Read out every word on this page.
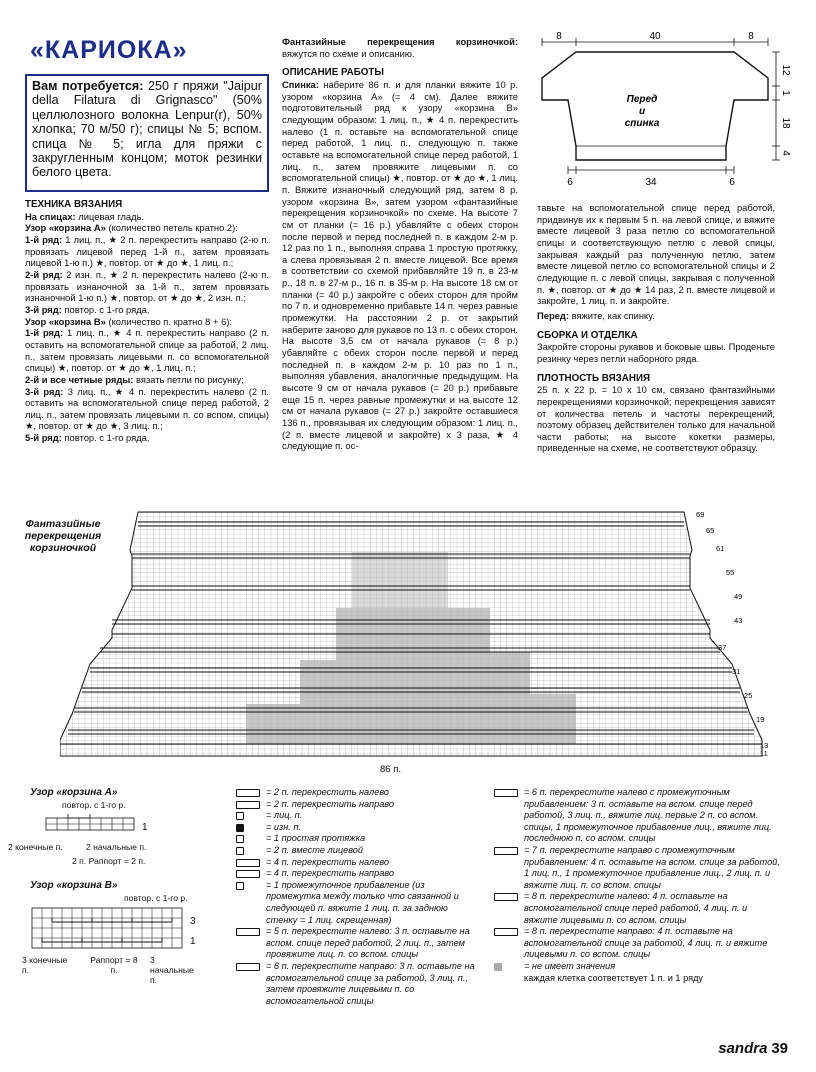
«КАРИОКА»
Вам потребуется: 250 г пряжи "Jaipur della Filatura di Grignasco" (50% целлюлозного волокна Lenpur(r), 50% хлопка; 70 м/50 г); спицы № 5; вспом. спица № 5; игла для пряжи с закругленным концом; моток резинки белого цвета.

ТЕХНИКА ВЯЗАНИЯ

На спицах: лицевая гладь.

Узор «корзина А» (количество петель кратно 2):

1-й ряд: 1 лиц. п., ★ 2 п. перекрестить направо (2-ю п. провязать лицевой перед 1-й п., затем провязать лицевой 1-ю п.) ★, повтор. от ★ до ★, 1 лиц. п.;

2-й ряд: 2 изн. п., ★ 2 п. перекрестить налево (2-ю п. провязать изнаночной за 1-й п., затем провязать изнаночной 1-ю п.) ★, повтор. от ★ до ★, 2 изн. п.;

3-й ряд: повтор. с 1-го ряда.

Узор «корзина В» (количество п. кратно 8 + 6):

1-й ряд: 1 лиц. п., ★ 4 п. перекрестить направо (2 п. оставить на вспомогательной спице за работой, 2 лиц. п., затем провязать лицевыми п. со вспомогательной спицы) ★, повтор. от ★ до ★, 1 лиц. п.;

2-й и все четные ряды: вязать петли по рисунку;

3-й ряд: 3 лиц. п., ★ 4 п. перекрестить налево (2 п. оставить на вспомогательной спице перед работой, 2 лиц. п., затем провязать лицевыми п. со вспом. спицы) ★, повтор. от ★ до ★, 3 лиц. п.;

5-й ряд: повтор. с 1-го ряда.

Фантазийные перекрещения корзиночкой: вяжутся по схеме и описанию.

ОПИСАНИЕ РАБОТЫ

Спинка: наберите 86 п. и для планки вяжите 10 р. узором «корзина А» (= 4 см). Далее вяжите подготовительный ряд к узору «корзина В» следующим образом: 1 лиц. п., ★ 4 п. перекрестить налево (1 п. оставьте на вспомогательной спице перед работой, 1 лиц. п., следующую п. также оставьте на вспомогательной спице перед работой, 1 лиц. п., затем провяжите лицевыми п. со вспомогательной спицы) ★, повтор. от ★ до ★, 1 лиц. п. Вяжите изнаночный следующий ряд, затем 8 р. узором «корзина В», затем узором «фантазийные перекрещения корзиночкой» по схеме. На высоте 7 см от планки (= 16 р.) убавляйте с обеих сторон после первой и перед последней п. в каждом 2-м р. 12 раз по 1 п., выполняя справа 1 простую протяжку, а слева провязывая 2 п. вместе лицевой. Все время в соответствии со схемой прибавляйте 19 п. в 23-м р., 18 п. в 27-м р., 16 п. в 35-м р. На высоте 18 см от планки (= 40 р.) закройте с обеих сторон для пройм по 7 п. и одновременно прибавьте 14 п. через равные промежутки. На расстоянии 2 р. от закрытий наберите заново для рукавов по 13 п. с обеих сторон. На высоте 3,5 см от начала рукавов (= 8 р.) убавляйте с обеих сторон после первой и перед последней п. в каждом 2-м р. 10 раз по 1 п., выполняя убавления, аналогичные предыдущим. На высоте 9 см от начала рукавов (= 20 р.) прибавьте еще 15 п. через равные промежутки и на высоте 12 см от начала рукавов (= 27 р.) закройте оставшиеся 136 п., провязывая их следующим образом: 1 лиц. п., (2 п. вместе лицевой и закройте) х 3 раза, ★ 4 следующие п. ос-

8	40	8
Перед
и
спинка
12
1
18
4
6	34	6

тавьте на вспомогательной спице перед работой, придвинув их к первым 5 п. на левой спице, и вяжите вместе лицевой 3 раза петлю со вспомогательной спицы и соответствующую петлю с левой спицы, закрывая каждый раз полученную петлю, затем вместе лицевой петлю со вспомогательной спицы и 2 следующие п. с левой спицы, закрывая с полученной п. ★, повтор. от ★ до ★ 14 раз, 2 п. вместе лицевой и закройте, 1 лиц. п. и закройте.

Перед: вяжите, как спинку.

СБОРКА И ОТДЕЛКА

Закройте стороны рукавов и боковые швы. Проденьте резинку через петли наборного ряда.

ПЛОТНОСТЬ ВЯЗАНИЯ

25 п. х 22 р. = 10 х 10 см, связано фантазийными перекрещениями корзиночкой; перекрещения зависят от количества петель и частоты перекрещений, поэтому образец действителен только для начальной части работы; на высоте кокетки размеры, приведенные на схеме, не соответствуют образцу.

Фантазийные перекрещения корзиночкой
69
65
61
55
49
43
37
31
25
19
13
11
86 п.
Узор «корзина А»
повтор. с 1-го р.
1
2 конечные п.	2 начальные п.
2 п. Раппорт = 2 п.
Узор «корзина В»
повтор. с 1-го р.
3
1
3 конечные п.
Раппорт = 8 п.
3 начальные п.
= 2 п. перекрестить налево
= 2 п. перекрестить направо
= лиц. п.
= изн. п.
= 1 простая протяжка
= 2 п. вместе лицевой
= 4 п. перекрестить налево
= 4 п. перекрестить направо
= 1 промежуточное прибавление (из промежутка между только что связанной и следующей п. вяжите 1 лиц. п. за заднюю стенку = 1 лиц. скрещенная)
= 5 п. перекрестите налево: 3 п. оставьте на вспом. спице перед работой, 2 лиц. п., затем провяжите лиц. п. со вспом. спицы
= 6 п. перекрестите направо: 3 п. оставьте на вспомогательной спице за работой, 3 лиц. п., затем провяжите лицевыми п. со вспомогательной спицы
= 6 п. перекрестите налево с промежуточным прибавлением: 3 п. оставьте на вспом. спице перед работой, 3 лиц. п., вяжите лиц. первые 2 п. со вспом. спицы, 1 промежуточное прибавление лиц., вяжите лиц. последнюю п. со вспом. спицы
= 7 п. перекрестите направо с промежуточным прибавлением: 4 п. оставьте на вспом. спице за работой, 1 лиц. п., 1 промежуточное прибавление лиц., 2 лиц. п. и вяжите лиц. п. со вспом. спицы
= 8 п. перекрестите налево: 4 п. оставьте на вспомогательной спице перед работой, 4 лиц. п. и вяжите лицевыми п. со вспом. спицы
= 8 п. перекрестите направо: 4 п. оставьте на вспомогательной спице за работой, 4 лиц. п. и вяжите лицевыми п. со вспом. спицы
= не имеет значения
каждая клетка соответствует 1 п. и 1 ряду
sandra 39
